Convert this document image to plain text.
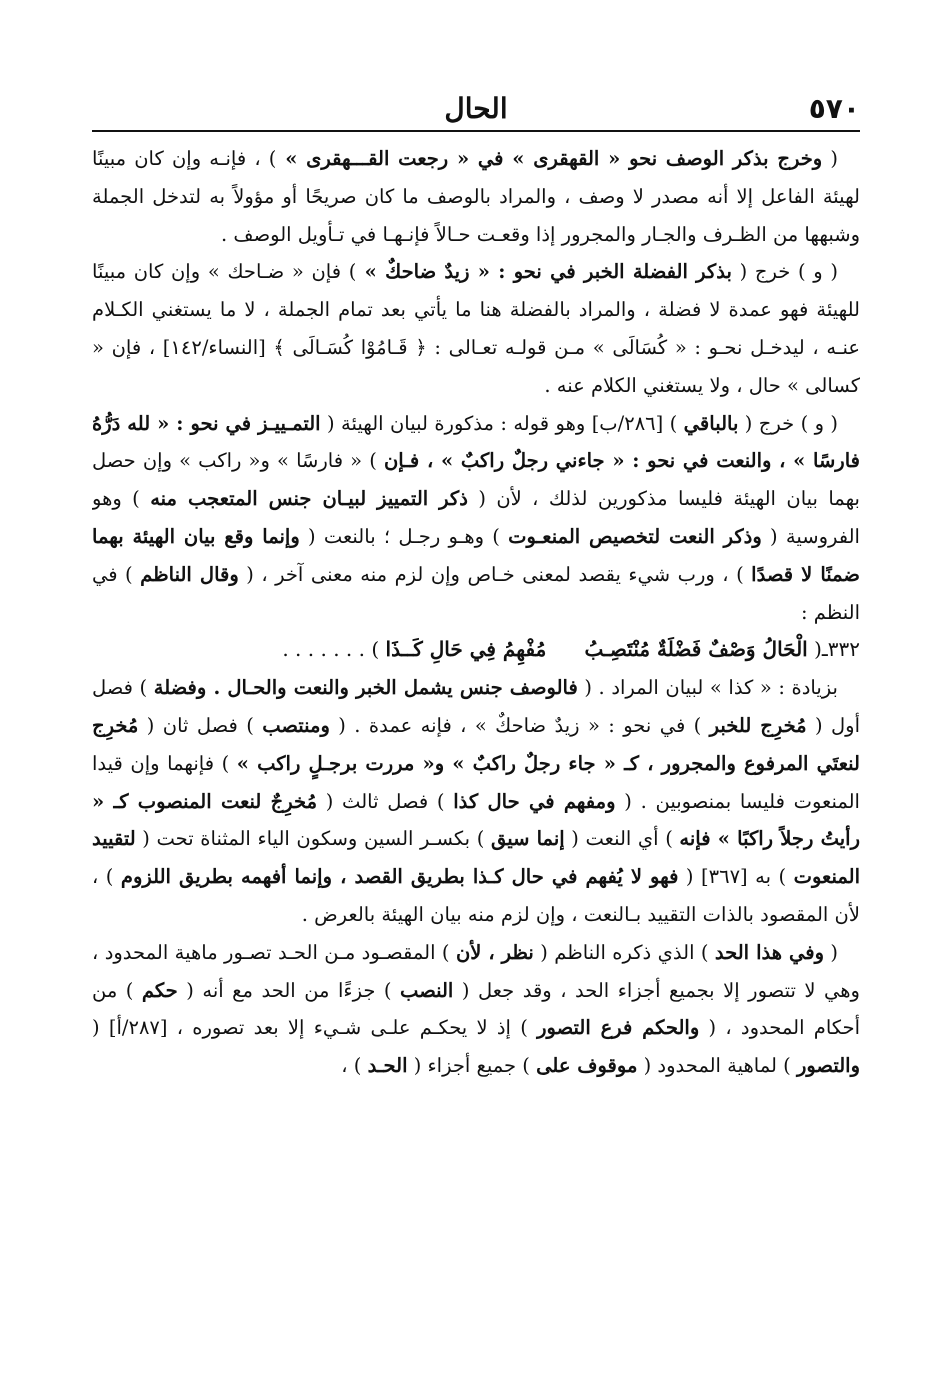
٥٧٠
الحال

( وخرج بذكر الوصف نحو « القهقرى » في « رجعت القـــهقرى » ) ، فإنـه وإن كان مبينًا لهيئة الفاعل إلا أنه مصدر لا وصف ، والمراد بالوصف ما كان صريحًا أو مؤولاً به لتدخل الجملة وشبهها من الظـرف والجـار والمجرور إذا وقعـت حـالاً فإنـهـا في تـأويل الوصف .

( و ) خرج ( بذكر الفضلة الخبر في نحو : « زيدٌ ضاحكٌ » ) فإن « ضـاحك » وإن كان مبينًا للهيئة فهو عمدة لا فضلة ، والمراد بالفضلة هنا ما يأتي بعد تمام الجملة ، لا ما يستغني الكـلام عنـه ، ليدخـل نحـو : « كُسَالَى » مـن قولـه تعـالى : ﴿ قَـامُوْا كُسَـالَى ﴾ [النساء/١٤٢] ، فإن « كسالى » حال ، ولا يستغني الكلام عنه .

( و ) خرج ( بالباقي ) [٢٨٦/ب] وهو قوله : مذكورة لبيان الهيئة ( التمـييـز في نحو : « لله دَرُّهُ فارسًا » ، والنعت في نحو : « جاءني رجلٌ راكبٌ » ، فـإن ) « فارسًا » و« راكب » وإن حصل بهما بيان الهيئة فليسا مذكورين لذلك ، لأن ( ذكر التمييز لبيـان جنس المتعجب منه ) وهو الفروسية ( وذكر النعت لتخصيص المنعـوت ) وهـو رجـل ؛ بالنعت ( وإنما وقع بيان الهيئة بهما ضمنًا لا قصدًا ) ، ورب شيء يقصد لمعنى خـاص وإن لزم منه معنى آخر ، ( وقال الناظم ) في النظم :

٣٣٢ـ( الْحَالُ وَصْفٌ فَضْلَةٌ مُنْتَصِـبُ      مُفْهِمُ فِي حَالِ كَــذَا ) . . . . . . .

بزيادة : « كذا » لبيان المراد . ( فالوصف جنس يشمل الخبر والنعت والحـال . وفضلة ) فصل أول ( مُخرِج للخبر ) في نحو : « زيدٌ ضاحكٌ » ، فإنه عمدة . ( ومنتصب ) فصل ثان ( مُخرِج لنعتَي المرفوع والمجرور ، كـ « جاء رجلٌ راكبٌ » و« مررت برجـلٍ راكب » ) فإنهما وإن قيدا المنعوت فليسا بمنصوبين . ( ومفهم في حال كذا ) فصل ثالث ( مُخرِجٌ لنعت المنصوب كـ « رأيتُ رجلاً راكبًا » فإنه ) أي النعت ( إنما سيق ) بكسـر السين وسكون الياء المثناة تحت ( لتقييد المنعوت ) به [٣٦٧] ( فهو لا يُفهم في حال كـذا بطريق القصد ، وإنما أفهمه بطريق اللزوم ) ، لأن المقصود بالذات التقييد بـالنعت ، وإن لزم منه بيان الهيئة بالعرض .

( وفي هذا الحد ) الذي ذكره الناظم ( نظر ، لأن ) المقصـود مـن الحـد تصـور ماهية المحدود ، وهي لا تتصور إلا بجميع أجزاء الحد ، وقد جعل ( النصب ) جزءًا من الحد مع أنه ( حكم ) من أحكام المحدود ، ( والحكم فرع التصور ) إذ لا يحكـم علـى شـيء إلا بعد تصوره ، [٢٨٧/أ] ( والتصور ) لماهية المحدود ( موقوف على ) جميع أجزاء ( الحـد ) ،
